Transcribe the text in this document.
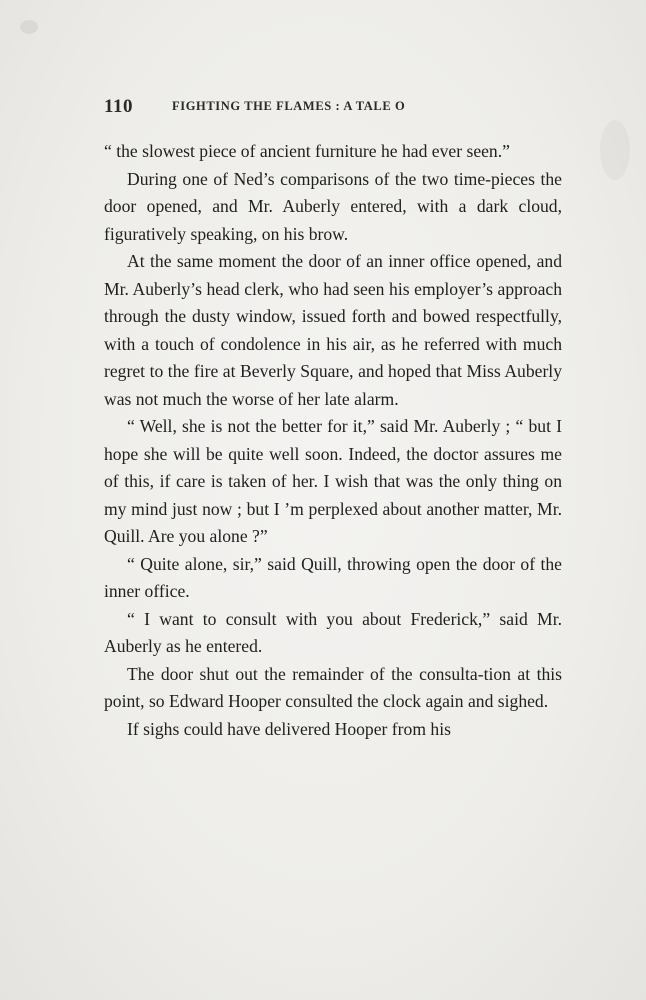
110	FIGHTING THE FLAMES : A TALE O

“ the slowest piece of ancient furniture he had ever seen.”

During one of Ned’s comparisons of the two time-pieces the door opened, and Mr. Auberly entered, with a dark cloud, figuratively speaking, on his brow.

At the same moment the door of an inner office opened, and Mr. Auberly’s head clerk, who had seen his employer’s approach through the dusty window, issued forth and bowed respectfully, with a touch of condolence in his air, as he referred with much regret to the fire at Beverly Square, and hoped that Miss Auberly was not much the worse of her late alarm.

“ Well, she is not the better for it,” said Mr. Auberly ; “ but I hope she will be quite well soon. Indeed, the doctor assures me of this, if care is taken of her. I wish that was the only thing on my mind just now ; but I ’m perplexed about another matter, Mr. Quill. Are you alone ?”

“ Quite alone, sir,” said Quill, throwing open the door of the inner office.

“ I want to consult with you about Frederick,” said Mr. Auberly as he entered.

The door shut out the remainder of the consulta-tion at this point, so Edward Hooper consulted the clock again and sighed.

If sighs could have delivered Hooper from his
